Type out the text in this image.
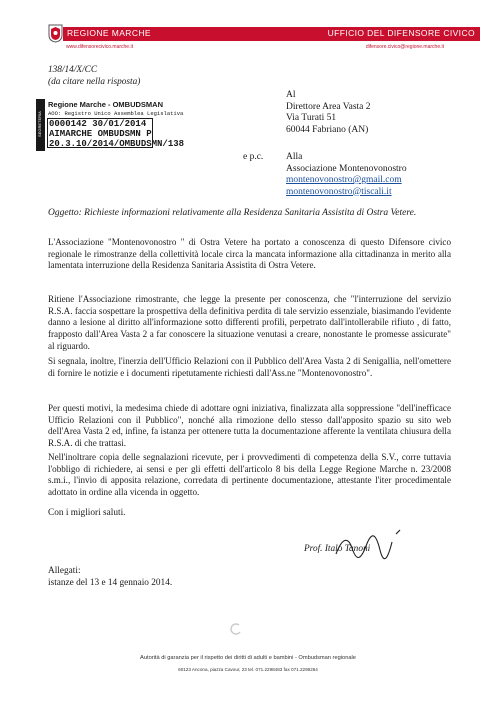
REGIONE MARCHE	UFFICIO DEL DIFENSORE CIVICO
www.difensorecivico.marche.it	difensore.civico@regione.marche.it
138/14/X/CC
(da citare nella risposta)
SEGRETERIA
Regione Marche - OMBUDSMAN
AOO: Registro Unico Assemblea Legislativa
0000142 30/01/2014
AIMARCHE OMBUDSMN P
20.3.10/2014/OMBUDSMN/138
Al
Direttore Area Vasta 2
Via Turati 51
60044 Fabriano (AN)
e p.c. Alla
Associazione Montenovonostro
montenovonostro@gmail.com
montenovonostro@tiscali.it
Oggetto: Richieste informazioni relativamente alla Residenza Sanitaria Assistita di Ostra Vetere.
L'Associazione "Montenovonostro " di Ostra Vetere ha portato a conoscenza di questo Difensore civico regionale le rimostranze della collettività locale circa la mancata informazione alla cittadinanza in merito alla lamentata interruzione della Residenza Sanitaria Assistita di Ostra Vetere.
Ritiene l'Associazione rimostrante, che legge la presente per conoscenza, che "l'interruzione del servizio R.S.A. faccia sospettare la prospettiva della definitiva perdita di tale servizio essenziale, biasimando l'evidente danno a lesione al diritto all'informazione sotto differenti profili, perpetrato dall'intollerabile rifiuto , di fatto, frapposto dall'Area Vasta 2 a far conoscere la situazione venutasi a creare, nonostante le promesse assicurate" al riguardo.
Si segnala, inoltre, l'inerzia dell'Ufficio Relazioni con il Pubblico dell'Area Vasta 2 di Senigallia, nell'omettere di fornire le notizie e i documenti ripetutamente richiesti dall'Ass.ne "Montenovonostro".
Per questi motivi, la medesima chiede di adottare ogni iniziativa, finalizzata alla soppressione "dell'inefficace Ufficio Relazioni con il Pubblico", nonché alla rimozione dello stesso dall'apposito spazio su sito web dell'Area Vasta 2 ed, infine, fa istanza per ottenere tutta la documentazione afferente la ventilata chiusura della R.S.A. di che trattasi.
Nell'inoltrare copia delle segnalazioni ricevute, per i provvedimenti di competenza della S.V., corre tuttavia l'obbligo di richiedere, ai sensi e per gli effetti dell'articolo 8 bis della Legge Regione Marche n. 23/2008 s.m.i., l'invio di apposita relazione, corredata di pertinente documentazione, attestante l'iter procedimentale adottato in ordine alla vicenda in oggetto.
Con i migliori saluti.
Prof. Italo Tanoni
Allegati:
istanze del 13 e 14 gennaio 2014.
Autorità di garanzia per il rispetto dei diritti di adulti e bambini - Ombudsman regionale
60123 Ancona, piazza Cavour, 23 tel. 071.2298483 fax 071.2298264
